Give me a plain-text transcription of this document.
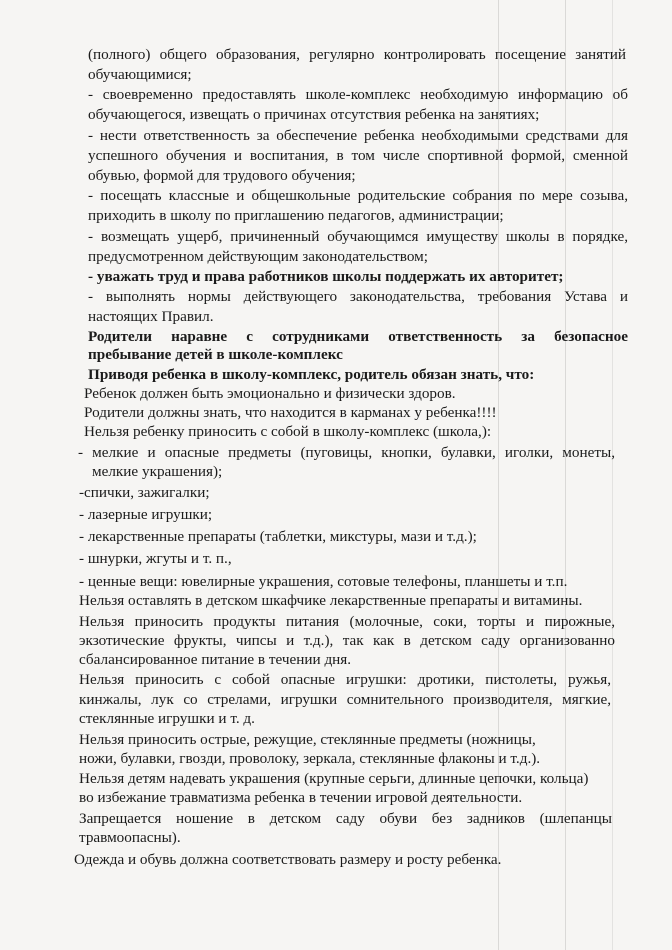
(полного) общего образования, регулярно контролировать посещение занятий
обучающимися;
- своевременно предоставлять школе-комплекс необходимую информацию об
обучающегося, извещать о причинах отсутствия ребенка на занятиях;
- нести ответственность за обеспечение ребенка необходимыми средствами для
успешного обучения и воспитания, в том числе спортивной формой, сменной
обувью, формой для трудового обучения;
- посещать классные и общешкольные родительские собрания по мере созыва,
приходить в школу по приглашению педагогов, администрации;
- возмещать ущерб, причиненный обучающимся имуществу школы в порядке,
предусмотренном действующим законодательством;
- уважать труд и права работников школы поддержать их авторитет;
- выполнять нормы действующего законодательства, требования Устава и
настоящих Правил.
Родители наравне с сотрудниками ответственность за безопасное
пребывание детей в школе-комплекс
Приводя ребенка в школу-комплекс, родитель обязан знать, что:
Ребенок должен быть эмоционально и физически здоров.
Родители должны знать, что находится в карманах у ребенка!!!!
Нельзя ребенку приносить с собой в школу-комплекс (школа,):
- мелкие и опасные предметы (пуговицы, кнопки, булавки, иголки, монеты,
мелкие украшения);
-спички, зажигалки;
- лазерные игрушки;
- лекарственные препараты (таблетки, микстуры, мази и т.д.);
- шнурки, жгуты и т. п.,
- ценные вещи: ювелирные украшения, сотовые телефоны, планшеты и т.п.
Нельзя оставлять в детском шкафчике лекарственные препараты и витамины.
Нельзя приносить продукты питания (молочные, соки, торты и пирожные,
экзотические фрукты, чипсы и т.д.), так как в детском саду организованно
сбалансированное питание в течении дня.
Нельзя приносить с собой опасные игрушки: дротики, пистолеты, ружья,
кинжалы, лук со стрелами, игрушки сомнительного производителя, мягкие,
стеклянные игрушки и т. д.
Нельзя приносить острые, режущие, стеклянные предметы (ножницы,
ножи, булавки, гвозди, проволоку, зеркала, стеклянные флаконы и т.д.).
Нельзя детям надевать украшения (крупные серьги, длинные цепочки, кольца)
во избежание травматизма ребенка в течении игровой деятельности.
Запрещается ношение в детском саду обуви без задников (шлепанцы
травмоопасны).
Одежда и обувь должна соответствовать размеру и росту ребенка.
